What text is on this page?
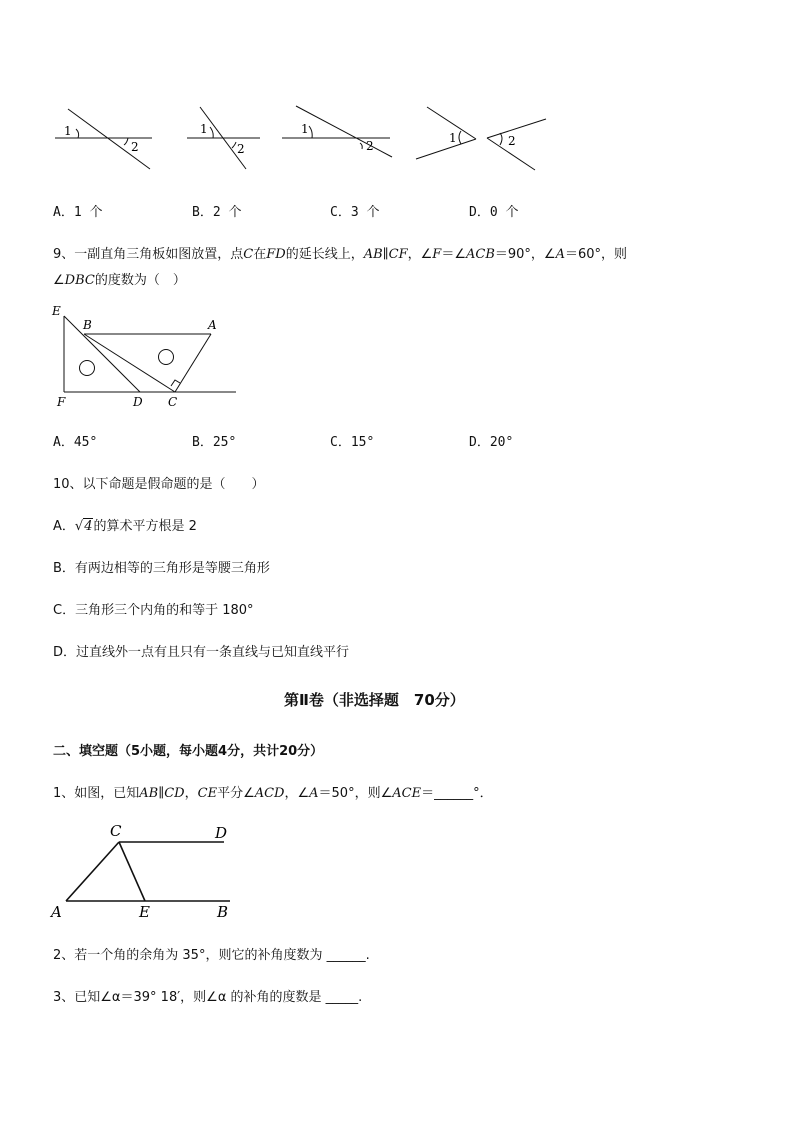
1
2
1
2
1
2
1	2
A．1 个	B．2 个	C．3 个	D．0 个
9、一副直角三角板如图放置，点C在FD的延长线上，AB∥CF，∠F＝∠ACB＝90°，∠A＝60°，则
∠DBC的度数为（　）
E
B	A
F	D C
A．45°	B．25°	C．15°	D．20°
10、以下命题是假命题的是（　　）
A．√4的算术平方根是 2
B．有两边相等的三角形是等腰三角形
C．三角形三个内角的和等于 180°
D．过直线外一点有且只有一条直线与已知直线平行
第Ⅱ卷（非选择题　70分）
二、填空题（5小题，每小题4分，共计20分）
1、如图，已知AB∥CD，CE平分∠ACD，∠A＝50°，则∠ACE＝______°．
C	D
A	E	B
2、若一个角的余角为 35°，则它的补角度数为 ______.
3、已知∠α＝39° 18′，则∠α 的补角的度数是 _____.
